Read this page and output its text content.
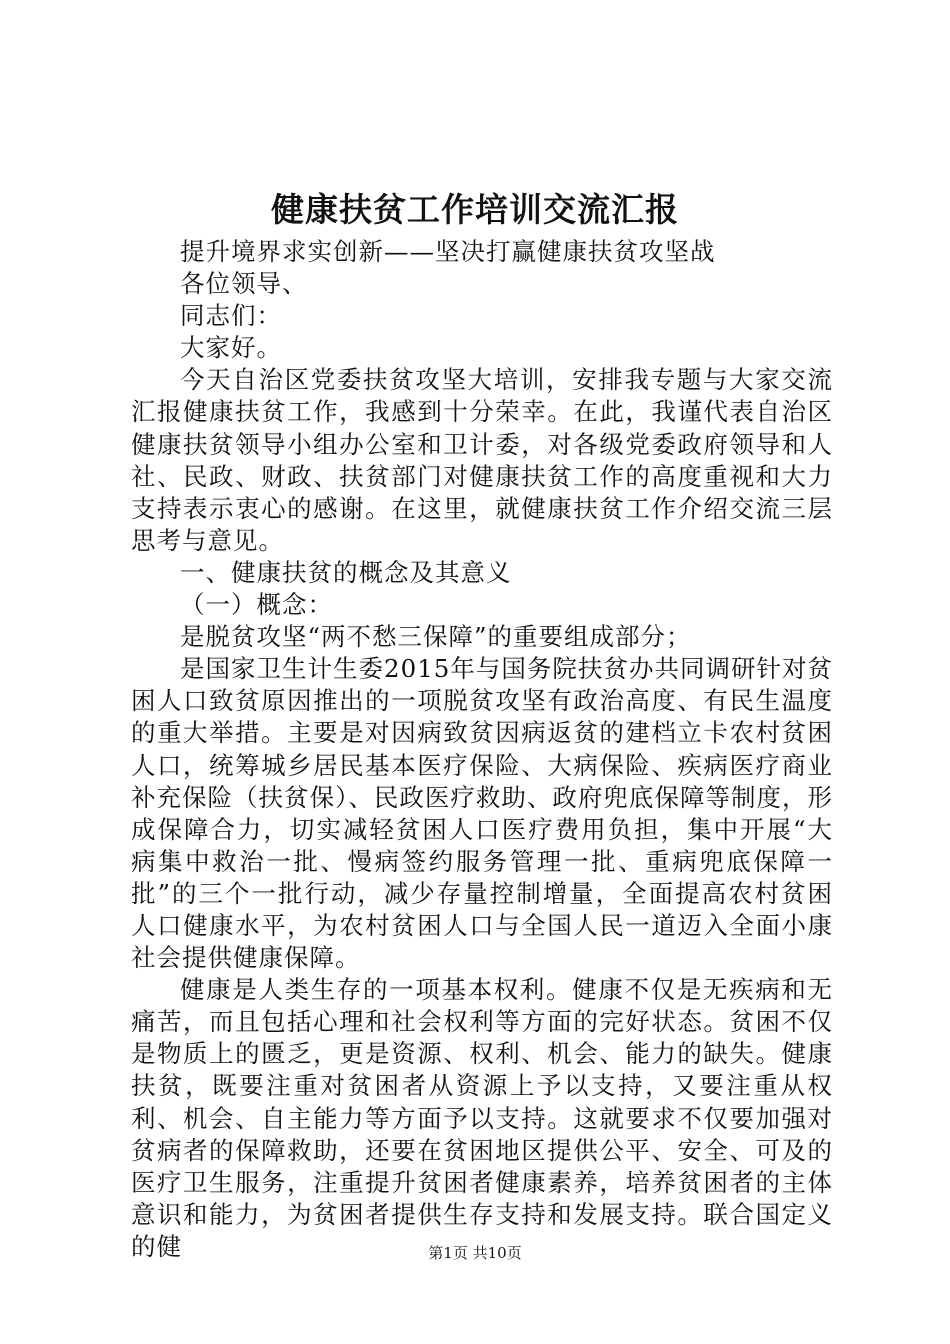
健康扶贫工作培训交流汇报

提升境界求实创新——坚决打赢健康扶贫攻坚战

各位领导、

同志们：

大家好。

今天自治区党委扶贫攻坚大培训，安排我专题与大家交流汇报健康扶贫工作，我感到十分荣幸。在此，我谨代表自治区健康扶贫领导小组办公室和卫计委，对各级党委政府领导和人社、民政、财政、扶贫部门对健康扶贫工作的高度重视和大力支持表示衷心的感谢。在这里，就健康扶贫工作介绍交流三层思考与意见。

一、健康扶贫的概念及其意义

（一）概念：

是脱贫攻坚“两不愁三保障”的重要组成部分；

是国家卫生计生委2015年与国务院扶贫办共同调研针对贫困人口致贫原因推出的一项脱贫攻坚有政治高度、有民生温度的重大举措。主要是对因病致贫因病返贫的建档立卡农村贫困人口，统筹城乡居民基本医疗保险、大病保险、疾病医疗商业补充保险（扶贫保）、民政医疗救助、政府兜底保障等制度，形成保障合力，切实减轻贫困人口医疗费用负担，集中开展“大病集中救治一批、慢病签约服务管理一批、重病兜底保障一批”的三个一批行动，减少存量控制增量，全面提高农村贫困人口健康水平，为农村贫困人口与全国人民一道迈入全面小康社会提供健康保障。

健康是人类生存的一项基本权利。健康不仅是无疾病和无痛苦，而且包括心理和社会权利等方面的完好状态。贫困不仅是物质上的匮乏，更是资源、权利、机会、能力的缺失。健康扶贫，既要注重对贫困者从资源上予以支持，又要注重从权利、机会、自主能力等方面予以支持。这就要求不仅要加强对贫病者的保障救助，还要在贫困地区提供公平、安全、可及的医疗卫生服务，注重提升贫困者健康素养，培养贫困者的主体意识和能力，为贫困者提供生存支持和发展支持。联合国定义的健	第1页 共10页
